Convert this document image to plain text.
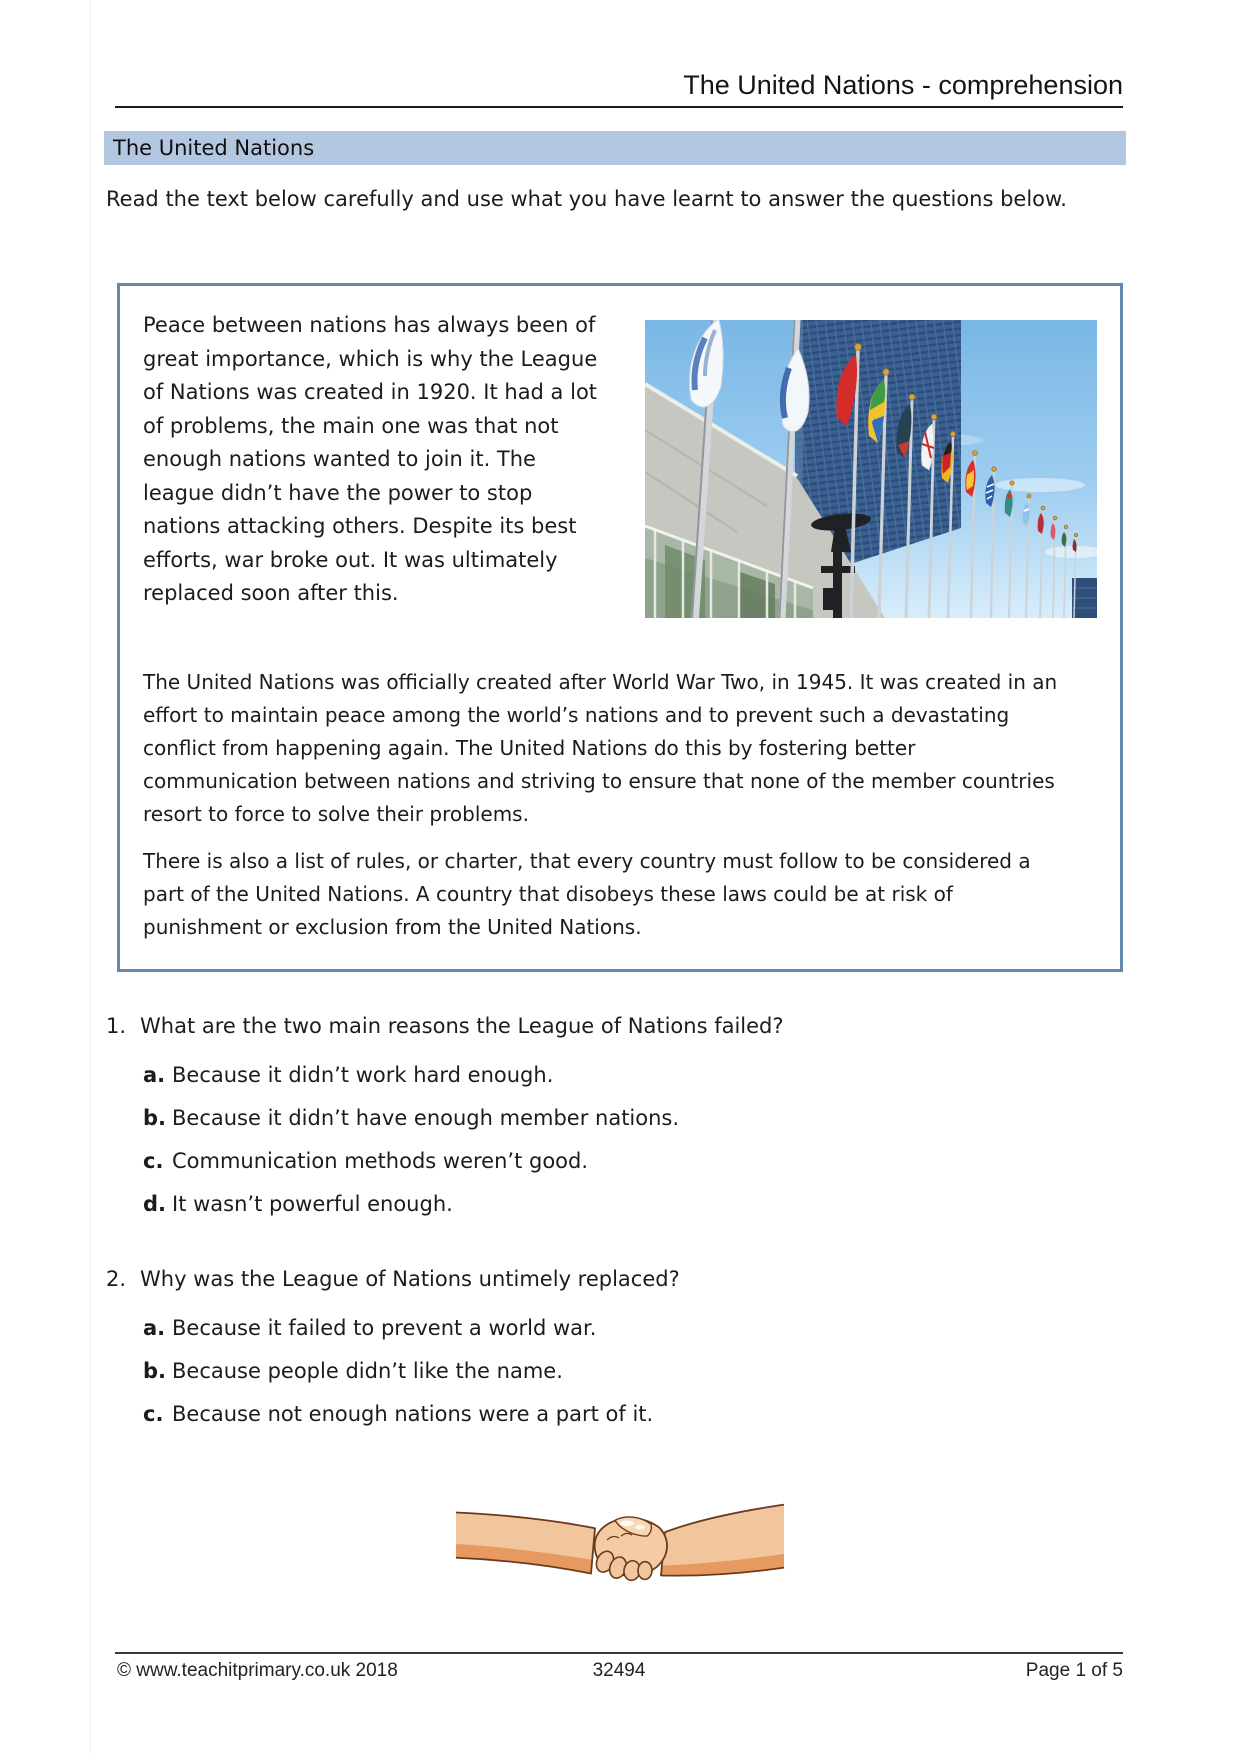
The United Nations - comprehension
The United Nations
Read the text below carefully and use what you have learnt to answer the questions below.
Peace between nations has always been of great importance, which is why the League of Nations was created in 1920. It had a lot of problems, the main one was that not enough nations wanted to join it. The league didn’t have the power to stop nations attacking others. Despite its best efforts, war broke out. It was ultimately replaced soon after this.
The United Nations was officially created after World War Two, in 1945. It was created in an effort to maintain peace among the world’s nations and to prevent such a devastating conflict from happening again. The United Nations do this by fostering better communication between nations and striving to ensure that none of the member countries resort to force to solve their problems.
There is also a list of rules, or charter, that every country must follow to be considered a part of the United Nations. A country that disobeys these laws could be at risk of punishment or exclusion from the United Nations.
1. What are the two main reasons the League of Nations failed?
a. Because it didn’t work hard enough.
b. Because it didn’t have enough member nations.
c. Communication methods weren’t good.
d. It wasn’t powerful enough.
2. Why was the League of Nations untimely replaced?
a. Because it failed to prevent a world war.
b. Because people didn’t like the name.
c. Because not enough nations were a part of it.
© www.teachitprimary.co.uk 2018	32494	Page 1 of 5
